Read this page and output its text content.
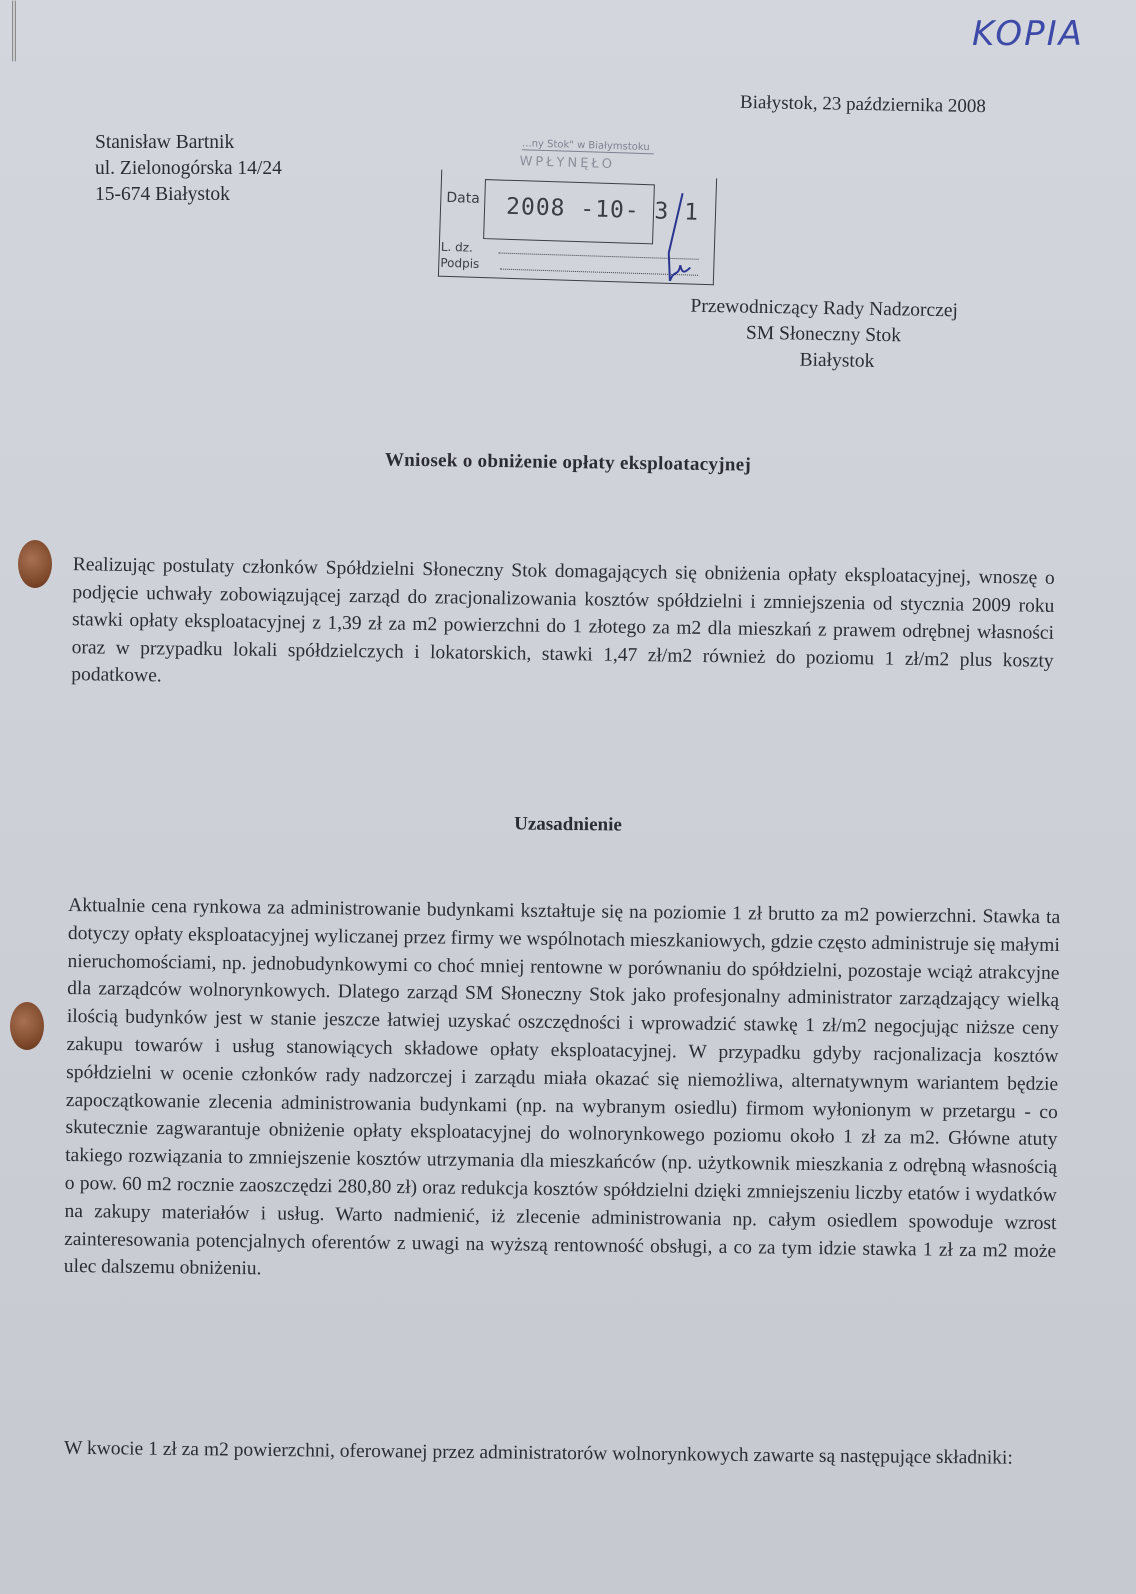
KOPIA
Białystok, 23 października 2008
Stanisław Bartnik
ul. Zielonogórska 14/24
15-674 Białystok
...ny Stok" w Białymstoku
WPŁYNĘŁO
Data 2008 -10- 3 1
L. dz.
Podpis
Przewodniczący Rady Nadzorczej
SM Słoneczny Stok
Białystok
Wniosek o obniżenie opłaty eksploatacyjnej
Realizując postulaty członków Spółdzielni Słoneczny Stok domagających się obniżenia opłaty eksploatacyjnej, wnoszę o podjęcie uchwały zobowiązującej zarząd do zracjonalizowania kosztów spółdzielni i zmniejszenia od stycznia 2009 roku stawki opłaty eksploatacyjnej z 1,39 zł za m2 powierzchni do 1 złotego za m2 dla mieszkań z prawem odrębnej własności oraz w przypadku lokali spółdzielczych i lokatorskich, stawki 1,47 zł/m2 również do poziomu 1 zł/m2 plus koszty podatkowe.
Uzasadnienie
Aktualnie cena rynkowa za administrowanie budynkami kształtuje się na poziomie 1 zł brutto za m2 powierzchni. Stawka ta dotyczy opłaty eksploatacyjnej wyliczanej przez firmy we wspólnotach mieszkaniowych, gdzie często administruje się małymi nieruchomościami, np. jednobudynkowymi co choć mniej rentowne w porównaniu do spółdzielni, pozostaje wciąż atrakcyjne dla zarządców wolnorynkowych. Dlatego zarząd SM Słoneczny Stok jako profesjonalny administrator zarządzający wielką ilością budynków jest w stanie jeszcze łatwiej uzyskać oszczędności i wprowadzić stawkę 1 zł/m2 negocjując niższe ceny zakupu towarów i usług stanowiących składowe opłaty eksploatacyjnej. W przypadku gdyby racjonalizacja kosztów spółdzielni w ocenie członków rady nadzorczej i zarządu miała okazać się niemożliwa, alternatywnym wariantem będzie zapoczątkowanie zlecenia administrowania budynkami (np. na wybranym osiedlu) firmom wyłonionym w przetargu - co skutecznie zagwarantuje obniżenie opłaty eksploatacyjnej do wolnorynkowego poziomu około 1 zł za m2. Główne atuty takiego rozwiązania to zmniejszenie kosztów utrzymania dla mieszkańców (np. użytkownik mieszkania z odrębną własnością o pow. 60 m2 rocznie zaoszczędzi 280,80 zł) oraz redukcja kosztów spółdzielni dzięki zmniejszeniu liczby etatów i wydatków na zakupy materiałów i usług. Warto nadmienić, iż zlecenie administrowania np. całym osiedlem spowoduje wzrost zainteresowania potencjalnych oferentów z uwagi na wyższą rentowność obsługi, a co za tym idzie stawka 1 zł za m2 może ulec dalszemu obniżeniu.
W kwocie 1 zł za m2 powierzchni, oferowanej przez administratorów wolnorynkowych zawarte są następujące składniki:
